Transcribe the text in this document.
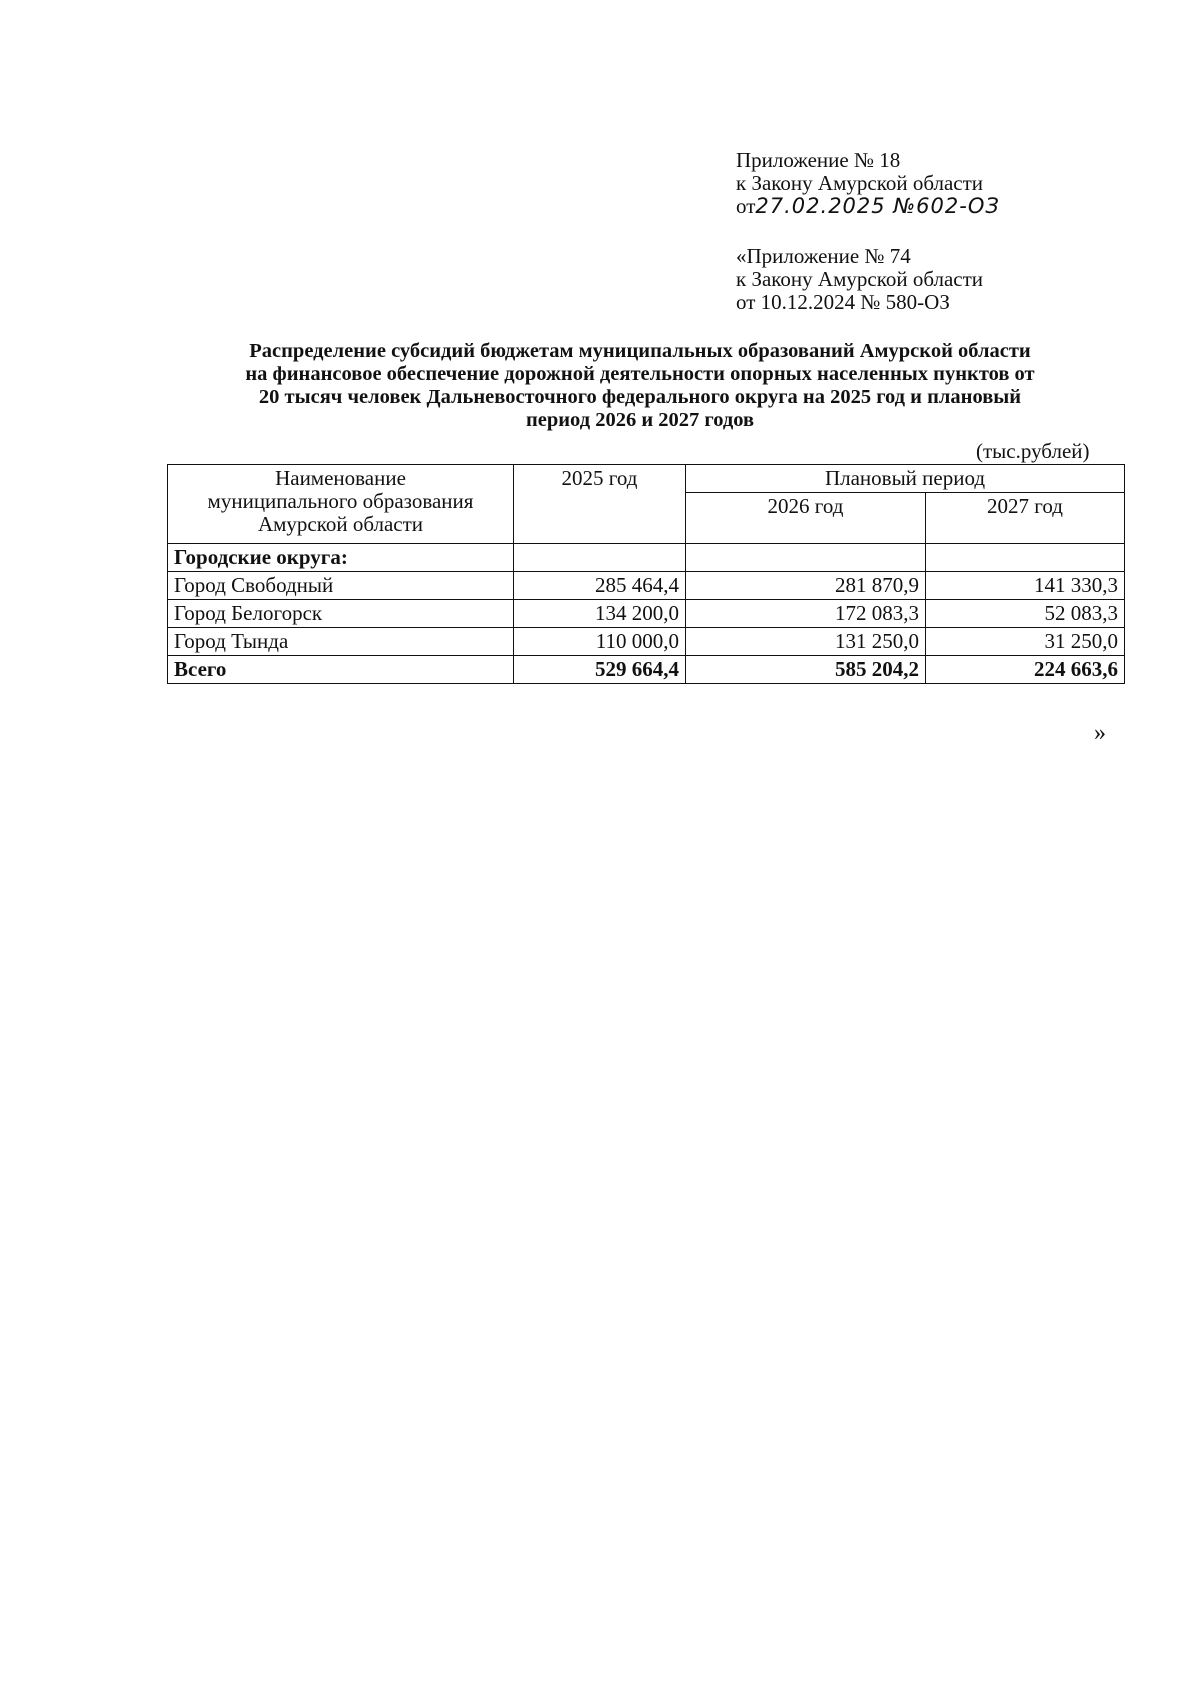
Приложение № 18
к Закону Амурской области
от27.02.2025 №602-ОЗ
«Приложение № 74
к Закону Амурской области
от 10.12.2024 № 580-ОЗ
Распределение субсидий бюджетам муниципальных образований Амурской области
на финансовое обеспечение дорожной деятельности опорных населенных пунктов от
20 тысяч человек Дальневосточного федерального округа на 2025 год и плановый
период 2026 и 2027 годов
(тыс.рублей)
Наименование
муниципального образования
Амурской области	2025 год	Плановый период	
		2026 год	2027 год
Городские округа:			
Город Свободный	285 464,4	281 870,9	141 330,3
Город Белогорск	134 200,0	172 083,3	52 083,3
Город Тында	110 000,0	131 250,0	31 250,0
Всего	529 664,4	585 204,2	224 663,6
»
